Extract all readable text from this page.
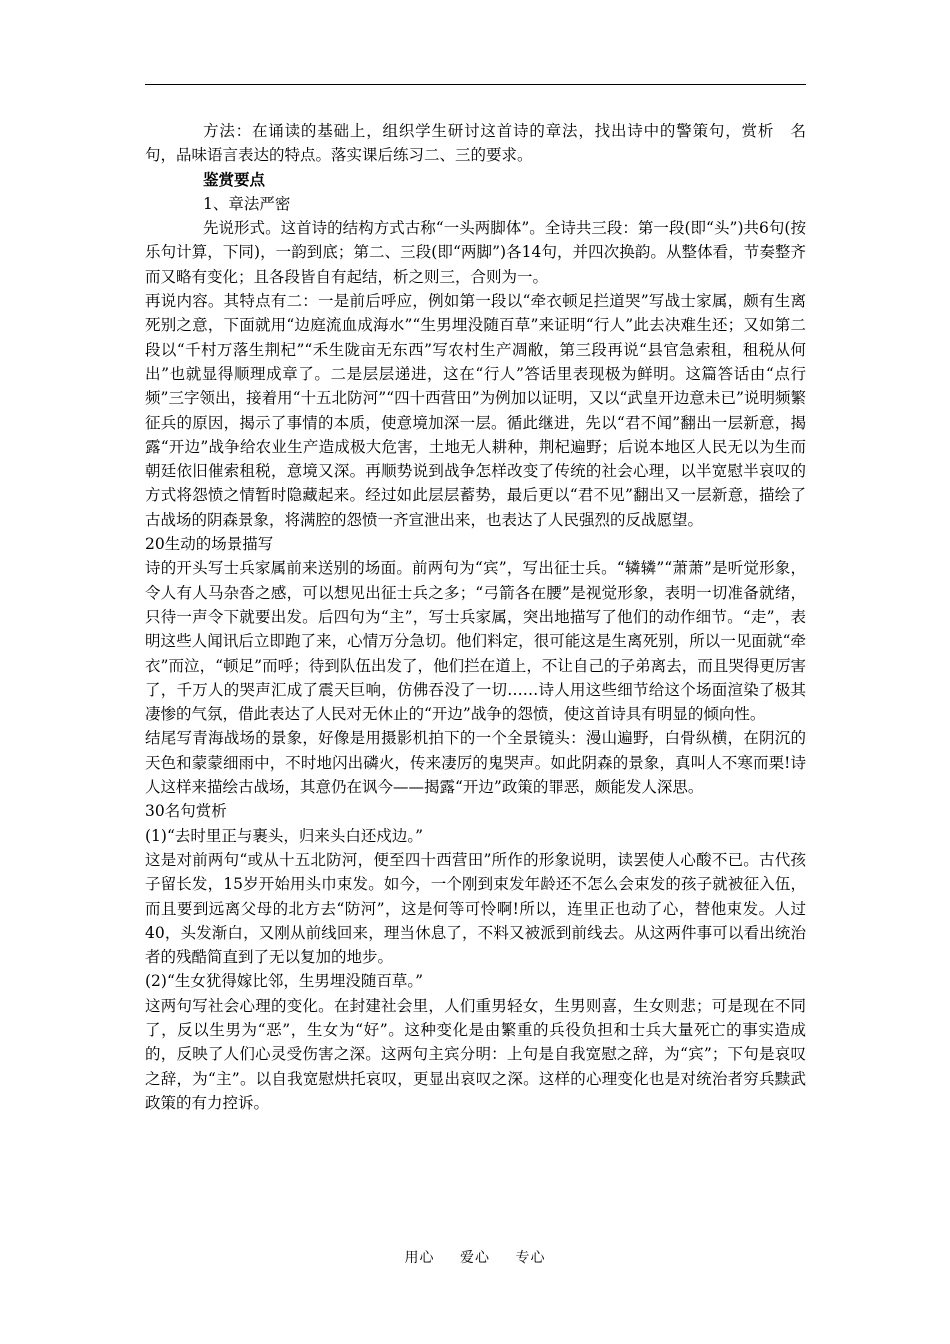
方法：在诵读的基础上，组织学生研讨这首诗的章法，找出诗中的警策句，赏析　名句，品味语言表达的特点。落实课后练习二、三的要求。

鉴赏要点

1、章法严密

先说形式。这首诗的结构方式古称“一头两脚体”。全诗共三段：第一段(即“头”)共6句(按乐句计算，下同)，一韵到底；第二、三段(即“两脚”)各14句，并四次换韵。从整体看，节奏整齐而又略有变化；且各段皆自有起结，析之则三，合则为一。

再说内容。其特点有二：一是前后呼应，例如第一段以“牵衣顿足拦道哭”写战士家属，颇有生离死别之意，下面就用“边庭流血成海水”“生男埋没随百草”来证明“行人”此去决难生还；又如第二段以“千村万落生荆杞”“禾生陇亩无东西”写农村生产凋敝，第三段再说“县官急索租，租税从何出”也就显得顺理成章了。二是层层递进，这在“行人”答话里表现极为鲜明。这篇答话由“点行频”三字领出，接着用“十五北防河”“四十西营田”为例加以证明，又以“武皇开边意未已”说明频繁征兵的原因，揭示了事情的本质，使意境加深一层。循此继进，先以“君不闻”翻出一层新意，揭露“开边”战争给农业生产造成极大危害，土地无人耕种，荆杞遍野；后说本地区人民无以为生而朝廷依旧催索租税，意境又深。再顺势说到战争怎样改变了传统的社会心理，以半宽慰半哀叹的方式将怨愤之情暂时隐藏起来。经过如此层层蓄势，最后更以“君不见”翻出又一层新意，描绘了古战场的阴森景象，将满腔的怨愤一齐宣泄出来，也表达了人民强烈的反战愿望。

20生动的场景描写

诗的开头写士兵家属前来送别的场面。前两句为“宾”，写出征士兵。“辚辚”“萧萧”是听觉形象，令人有人马杂沓之感，可以想见出征士兵之多；“弓箭各在腰”是视觉形象，表明一切准备就绪，只待一声令下就要出发。后四句为“主”，写士兵家属，突出地描写了他们的动作细节。“走”，表明这些人闻讯后立即跑了来，心情万分急切。他们料定，很可能这是生离死别，所以一见面就“牵衣”而泣，“顿足”而呼；待到队伍出发了，他们拦在道上，不让自己的子弟离去，而且哭得更厉害了，千万人的哭声汇成了震天巨响，仿佛吞没了一切……诗人用这些细节给这个场面渲染了极其凄惨的气氛，借此表达了人民对无休止的“开边”战争的怨愤，使这首诗具有明显的倾向性。

结尾写青海战场的景象，好像是用摄影机拍下的一个全景镜头：漫山遍野，白骨纵横，在阴沉的天色和蒙蒙细雨中，不时地闪出磷火，传来凄厉的鬼哭声。如此阴森的景象，真叫人不寒而栗!诗人这样来描绘古战场，其意仍在讽今——揭露“开边”政策的罪恶，颇能发人深思。

30名句赏析

(1)“去时里正与裹头，归来头白还戍边。”

这是对前两句“或从十五北防河，便至四十西营田”所作的形象说明，读罢使人心酸不已。古代孩子留长发，15岁开始用头巾束发。如今，一个刚到束发年龄还不怎么会束发的孩子就被征入伍，而且要到远离父母的北方去“防河”，这是何等可怜啊!所以，连里正也动了心，替他束发。人过40，头发渐白，又刚从前线回来，理当休息了，不料又被派到前线去。从这两件事可以看出统治者的残酷简直到了无以复加的地步。

(2)“生女犹得嫁比邻，生男埋没随百草。”

这两句写社会心理的变化。在封建社会里，人们重男轻女，生男则喜，生女则悲；可是现在不同了，反以生男为“恶”，生女为“好”。这种变化是由繁重的兵役负担和士兵大量死亡的事实造成的，反映了人们心灵受伤害之深。这两句主宾分明：上句是自我宽慰之辞，为“宾”；下句是哀叹之辞，为“主”。以自我宽慰烘托哀叹，更显出哀叹之深。这样的心理变化也是对统治者穷兵黩武政策的有力控诉。

用心 爱心 专心
